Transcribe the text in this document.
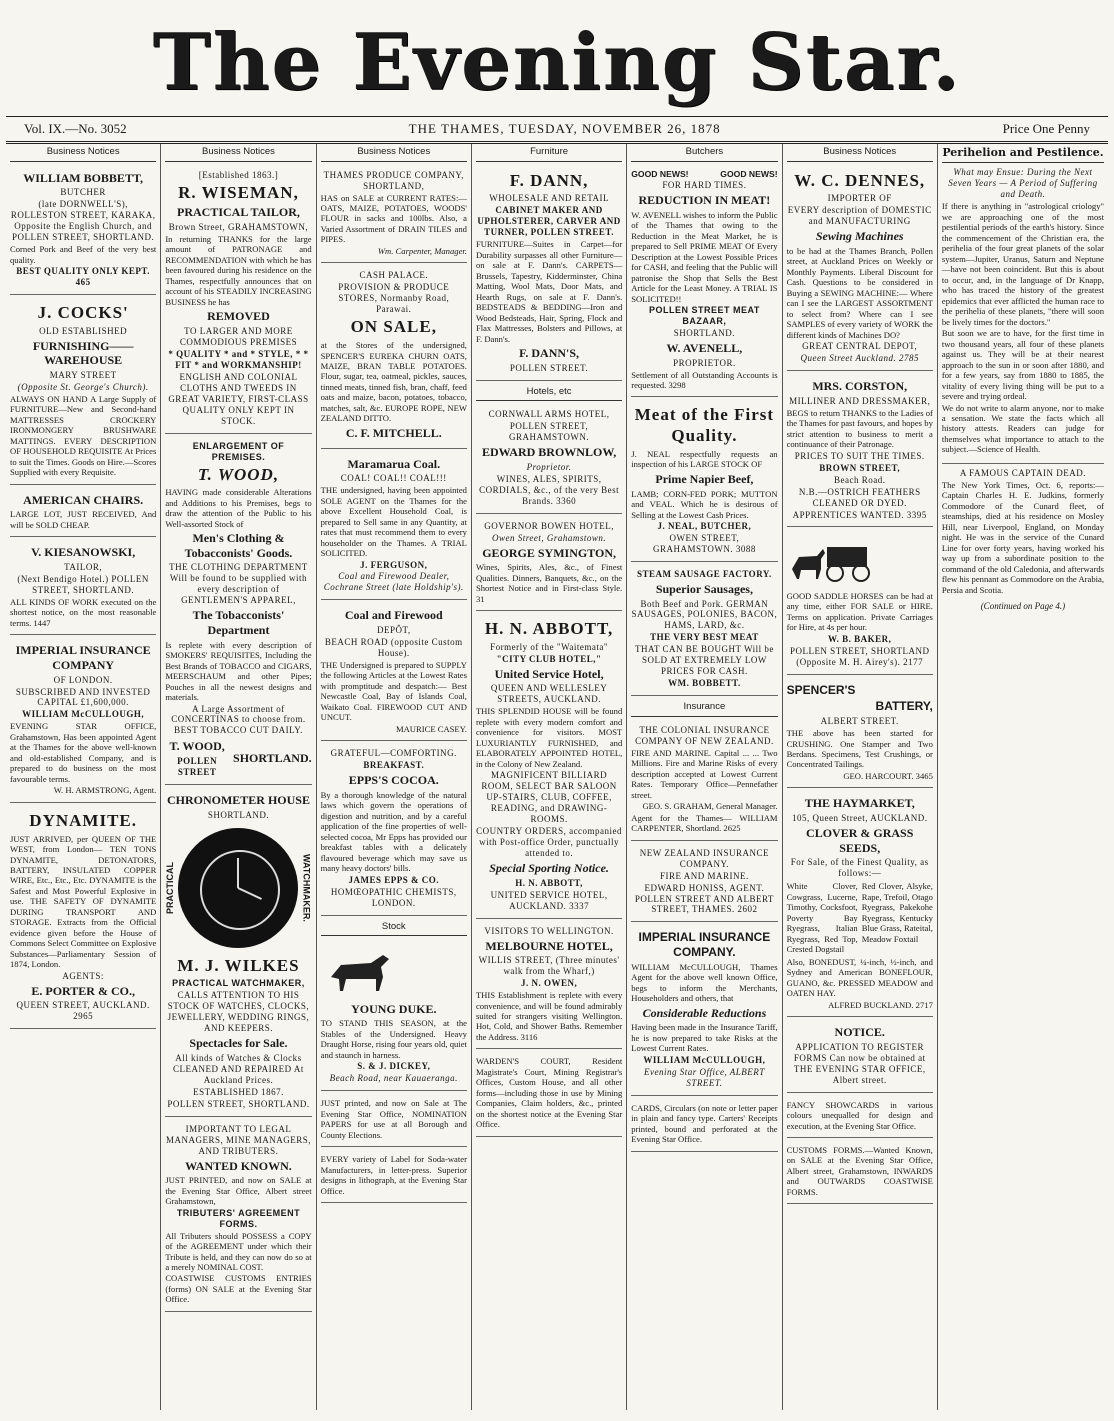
The Evening Star.
Vol. IX.—No. 3052	THE THAMES, TUESDAY, NOVEMBER 26, 1878	Price One Penny
Business Notices
WILLIAM BOBBETT,
BUTCHER

(late DORNWELL'S), ROLLESTON STREET, KARAKA, Opposite the English Church, and POLLEN STREET, SHORTLAND.

Corned Pork and Beef of the very best quality.

BEST QUALITY ONLY KEPT. 465

J. COCKS'
OLD ESTABLISHED
FURNISHING——WAREHOUSE
MARY STREET
(Opposite St. George's Church).

ALWAYS ON HAND A Large Supply of FURNITURE—New and Second-hand MATTRESSES CROCKERY IRONMONGERY BRUSHWARE MATTINGS. EVERY DESCRIPTION OF HOUSEHOLD REQUISITE At Prices to suit the Times. Goods on Hire.—Scores Supplied with every Requisite.

AMERICAN CHAIRS.

LARGE LOT, JUST RECEIVED, And will be SOLD CHEAP.

V. KIESANOWSKI,
TAILOR,

(Next Bendigo Hotel.) POLLEN STREET, SHORTLAND.

ALL KINDS OF WORK executed on the shortest notice, on the most reasonable terms. 1447

IMPERIAL INSURANCE COMPANY
OF LONDON.

SUBSCRIBED AND INVESTED CAPITAL £1,600,000.

WILLIAM McCULLOUGH,

EVENING STAR OFFICE, Grahamstown, Has been appointed Agent at the Thames for the above well-known and old-established Company, and is prepared to do business on the most favourable terms.

W. H. ARMSTRONG, Agent.

DYNAMITE.

JUST ARRIVED, per QUEEN OF THE WEST, from London— TEN TONS DYNAMITE, DETONATORS, BATTERY, INSULATED COPPER WIRE, Etc., Etc., Etc. DYNAMITE is the Safest and Most Powerful Explosive in use. THE SAFETY OF DYNAMITE DURING TRANSPORT AND STORAGE. Extracts from the Official evidence given before the House of Commons Select Committee on Explosive Substances—Parliamentary Session of 1874, London.

AGENTS:
E. PORTER & CO.,
QUEEN STREET, AUCKLAND. 2965
Business Notices
[Established 1863.]
R. WISEMAN,
PRACTICAL TAILOR,
Brown Street, GRAHAMSTOWN,

In returning THANKS for the large amount of PATRONAGE and RECOMMENDATION with which he has been favoured during his residence on the Thames, respectfully announces that on account of his STEADILY INCREASING BUSINESS he has

REMOVED

TO LARGER AND MORE COMMODIOUS PREMISES

* QUALITY * and * STYLE, * * FIT * and WORKMANSHIP!

ENGLISH AND COLONIAL CLOTHS AND TWEEDS IN GREAT VARIETY, FIRST-CLASS QUALITY ONLY KEPT IN STOCK.

ENLARGEMENT OF PREMISES.
T. WOOD,

HAVING made considerable Alterations and Additions to his Premises, begs to draw the attention of the Public to his Well-assorted Stock of

Men's Clothing & Tobacconists' Goods.

THE CLOTHING DEPARTMENT Will be found to be supplied with every description of GENTLEMEN'S APPAREL,

The Tobacconists' Department

Is replete with every description of SMOKERS' REQUISITES, Including the Best Brands of TOBACCO and CIGARS, MEERSCHAUM and other Pipes; Pouches in all the newest designs and materials.

A Large Assortment of CONCERTINAS to choose from. BEST TOBACCO CUT DAILY.

T. WOOD,
POLLEN STREET
SHORTLAND.
CHRONOMETER HOUSE
SHORTLAND.
PRACTICAL	WATCHMAKER.
M. J. WILKES
PRACTICAL WATCHMAKER,

CALLS ATTENTION TO HIS STOCK OF WATCHES, CLOCKS, JEWELLERY, WEDDING RINGS, AND KEEPERS.

Spectacles for Sale.

All kinds of Watches & Clocks CLEANED AND REPAIRED At Auckland Prices.

ESTABLISHED 1867.
POLLEN STREET, SHORTLAND.

IMPORTANT TO LEGAL MANAGERS, MINE MANAGERS, AND TRIBUTERS.

WANTED KNOWN.

JUST PRINTED, and now on SALE at the Evening Star Office, Albert street Grahamstown,

TRIBUTERS' AGREEMENT FORMS.

All Tributers should POSSESS a COPY of the AGREEMENT under which their Tribute is held, and they can now do so at a merely NOMINAL COST.

COASTWISE CUSTOMS ENTRIES (forms) ON SALE at the Evening Star Office.

Business Notices
THAMES PRODUCE COMPANY, SHORTLAND,

HAS on SALE at CURRENT RATES:— OATS, MAIZE, POTATOES, WOODS' FLOUR in sacks and 100lbs. Also, a Varied Assortment of DRAIN TILES and PIPES.

Wm. Carpenter, Manager.

CASH PALACE.

PROVISION & PRODUCE STORES, Normanby Road, Parawai.

ON SALE,

at the Stores of the undersigned, SPENCER'S EUREKA CHURN OATS, MAIZE, BRAN TABLE POTATOES. Flour, sugar, tea, oatmeal, pickles, sauces, tinned meats, tinned fish, bran, chaff, feed oats and maize, bacon, potatoes, tobacco, matches, salt, &c. EUROPE ROPE, NEW ZEALAND DITTO.

C. F. MITCHELL.
Maramarua Coal.
COAL! COAL!! COAL!!!

THE undersigned, having been appointed SOLE AGENT on the Thames for the above Excellent Household Coal, is prepared to Sell same in any Quantity, at rates that must recommend them to every householder on the Thames. A TRIAL SOLICITED.

J. FERGUSON,

Coal and Firewood Dealer, Cochrane Street (late Holdship's).

Coal and Firewood
DEPÔT,

BEACH ROAD (opposite Custom House).

THE Undersigned is prepared to SUPPLY the following Articles at the Lowest Rates with promptitude and despatch:— Best Newcastle Coal, Bay of Islands Coal, Waikato Coal. FIREWOOD CUT AND UNCUT.

MAURICE CASEY.

GRATEFUL—COMFORTING.
BREAKFAST.
EPPS'S COCOA.

By a thorough knowledge of the natural laws which govern the operations of digestion and nutrition, and by a careful application of the fine properties of well-selected cocoa, Mr Epps has provided our breakfast tables with a delicately flavoured beverage which may save us many heavy doctors' bills.

JAMES EPPS & CO.
HOMŒOPATHIC CHEMISTS, LONDON.
Stock
YOUNG DUKE.

TO STAND THIS SEASON, at the Stables of the Undersigned. Heavy Draught Horse, rising four years old, quiet and staunch in harness.

S. & J. DICKEY,
Beach Road, near Kauaeranga.

JUST printed, and now on Sale at The Evening Star Office, NOMINATION PAPERS for use at all Borough and County Elections.

EVERY variety of Label for Soda-water Manufacturers, in letter-press. Superior designs in lithograph, at the Evening Star Office.

Furniture
F. DANN,
WHOLESALE AND RETAIL

CABINET MAKER AND UPHOLSTERER, CARVER AND TURNER, POLLEN STREET.

FURNITURE—Suites in Carpet—for Durability surpasses all other Furniture—on sale at F. Dann's. CARPETS—Brussels, Tapestry, Kidderminster, China Matting, Wool Mats, Door Mats, and Hearth Rugs, on sale at F. Dann's. BEDSTEADS & BEDDING—Iron and Wood Bedsteads, Hair, Spring, Flock and Flax Mattresses, Bolsters and Pillows, at F. Dann's.

F. DANN'S,
POLLEN STREET.
Hotels, etc
CORNWALL ARMS HOTEL,
POLLEN STREET, GRAHAMSTOWN.
EDWARD BROWNLOW,
Proprietor.

WINES, ALES, SPIRITS, CORDIALS, &c., of the very Best Brands. 3360

GOVERNOR BOWEN HOTEL,
Owen Street, Grahamstown.
GEORGE SYMINGTON,

Wines, Spirits, Ales, &c., of Finest Qualities. Dinners, Banquets, &c., on the Shortest Notice and in First-class Style. 31

H. N. ABBOTT,
Formerly of the "Waitemata"
"CITY CLUB HOTEL,"
United Service Hotel,

QUEEN AND WELLESLEY STREETS, AUCKLAND.

THIS SPLENDID HOUSE will be found replete with every modern comfort and convenience for visitors. MOST LUXURIANTLY FURNISHED, and ELABORATELY APPOINTED HOTEL, in the Colony of New Zealand.

MAGNIFICENT BILLIARD ROOM, SELECT BAR SALOON UP-STAIRS, CLUB, COFFEE, READING, and DRAWING-ROOMS.

COUNTRY ORDERS, accompanied with Post-office Order, punctually attended to.

Special Sporting Notice.
H. N. ABBOTT,
UNITED SERVICE HOTEL, AUCKLAND. 3337
VISITORS TO WELLINGTON.
MELBOURNE HOTEL,

WILLIS STREET, (Three minutes' walk from the Wharf,)

J. N. OWEN,

THIS Establishment is replete with every convenience, and will be found admirably suited for strangers visiting Wellington. Hot, Cold, and Shower Baths. Remember the Address. 3116

WARDEN'S COURT, Resident Magistrate's Court, Mining Registrar's Offices, Custom House, and all other forms—including those in use by Mining Companies, Claim holders, &c., printed on the shortest notice at the Evening Star Office.

Butchers
GOOD NEWS!	GOOD NEWS!
FOR HARD TIMES.
REDUCTION IN MEAT!

W. AVENELL wishes to inform the Public of the Thames that owing to the Reduction in the Meat Market, he is prepared to Sell PRIME MEAT Of Every Description at the Lowest Possible Prices for CASH, and feeling that the Public will patronise the Shop that Sells the Best Article for the Least Money. A TRIAL IS SOLICITED!!

POLLEN STREET MEAT BAZAAR,
SHORTLAND.
W. AVENELL,
PROPRIETOR.

Settlement of all Outstanding Accounts is requested. 3298

Meat of the First Quality.

J. NEAL respectfully requests an inspection of his LARGE STOCK OF

Prime Napier Beef,

LAMB; CORN-FED PORK; MUTTON and VEAL. Which he is desirous of Selling at the Lowest Cash Prices.

J. NEAL, BUTCHER,
OWEN STREET, GRAHAMSTOWN. 3088
STEAM SAUSAGE FACTORY.
Superior Sausages,

Both Beef and Pork. GERMAN SAUSAGES, POLONIES, BACON, HAMS, LARD, &c.

THE VERY BEST MEAT

THAT CAN BE BOUGHT Will be SOLD AT EXTREMELY LOW PRICES FOR CASH.

WM. BOBBETT.
Insurance

THE COLONIAL INSURANCE COMPANY OF NEW ZEALAND.

FIRE AND MARINE. Capital ... ... Two Millions. Fire and Marine Risks of every description accepted at Lowest Current Rates. Temporary Office—Pennefather street.

GEO. S. GRAHAM, General Manager.

Agent for the Thames— WILLIAM CARPENTER, Shortland. 2625

NEW ZEALAND INSURANCE COMPANY.

FIRE AND MARINE.

EDWARD HONISS, AGENT. POLLEN STREET AND ALBERT STREET, THAMES. 2602

IMPERIAL INSURANCE COMPANY.

WILLIAM McCULLOUGH, Thames Agent for the above well known Office, begs to inform the Merchants, Householders and others, that

Considerable Reductions

Having been made in the Insurance Tariff, he is now prepared to take Risks at the Lowest Current Rates.

WILLIAM McCULLOUGH,
Evening Star Office, ALBERT STREET.

CARDS, Circulars (on note or letter paper in plain and fancy type. Carters' Receipts printed, bound and perforated at the Evening Star Office.

Business Notices
W. C. DENNES,
IMPORTER OF

EVERY description of DOMESTIC and MANUFACTURING

Sewing Machines

to be had at the Thames Branch, Pollen street, at Auckland Prices on Weekly or Monthly Payments. Liberal Discount for Cash. Questions to be considered in Buying a SEWING MACHINE:— Where can I see the LARGEST ASSORTMENT to select from? Where can I see SAMPLES of every variety of WORK the different kinds of Machines DO?

GREAT CENTRAL DEPOT,
Queen Street Auckland. 2785
MRS. CORSTON,
MILLINER AND DRESSMAKER,

BEGS to return THANKS to the Ladies of the Thames for past favours, and hopes by strict attention to business to merit a continuance of their Patronage.

PRICES TO SUIT THE TIMES.
BROWN STREET,
Beach Road.

N.B.—OSTRICH FEATHERS CLEANED OR DYED.

APPRENTICES WANTED. 3395

GOOD SADDLE HORSES can be had at any time, either FOR SALE or HIRE. Terms on application. Private Carriages for Hire, at 4s per hour.

W. B. BAKER,

POLLEN STREET, SHORTLAND (Opposite M. H. Airey's). 2177

SPENCER'S
BATTERY,
ALBERT STREET.

THE above has been started for CRUSHING. One Stamper and Two Berdans. Specimens, Test Crushings, or Concentrated Tailings.

GEO. HARCOURT. 3465

THE HAYMARKET,
105, Queen Street, AUCKLAND.
CLOVER & GRASS SEEDS,
For Sale, of the Finest Quality, as follows:—

White Clover, Cowgrass, Lucerne, Timothy, Cocksfoot, Poverty Bay Ryegrass, Italian Ryegrass, Red Top, Crested Dogstail

Red Clover, Alsyke, Rape, Trefoil, Otago Ryegrass, Pakekohe Ryegrass, Kentucky Blue Grass, Rateital, Meadow Foxtail

Also, BONEDUST, ¼-inch, ½-inch, and Sydney and American BONEFLOUR, GUANO, &c. PRESSED MEADOW and OATEN HAY.

ALFRED BUCKLAND. 2717

NOTICE.

APPLICATION TO REGISTER FORMS Can now be obtained at THE EVENING STAR OFFICE, Albert street.

FANCY SHOWCARDS in various colours unequalled for design and execution, at the Evening Star Office.

CUSTOMS FORMS.—Wanted Known, on SALE at the Evening Star Office, Albert street, Grahamstown, INWARDS and OUTWARDS COASTWISE FORMS.

Perihelion and Pestilence.

What may Ensue: During the Next Seven Years — A Period of Suffering and Death.

If there is anything in "astrological criology" we are approaching one of the most pestilential periods of the earth's history. Since the commencement of the Christian era, the perihelia of the four great planets of the solar system—Jupiter, Uranus, Saturn and Neptune—have not been coincident. But this is about to occur, and, in the language of Dr Knapp, who has traced the history of the greatest epidemics that ever afflicted the human race to the perihelia of these planets, "there will soon be lively times for the doctors."

But soon we are to have, for the first time in two thousand years, all four of these planets against us. They will be at their nearest approach to the sun in or soon after 1880, and for a few years, say from 1880 to 1885, the vitality of every living thing will be put to a severe and trying ordeal.

We do not write to alarm anyone, nor to make a sensation. We state the facts which all history attests. Readers can judge for themselves what importance to attach to the subject.—Science of Health.

A FAMOUS CAPTAIN DEAD.

The New York Times, Oct. 6, reports:—Captain Charles H. E. Judkins, formerly Commodore of the Cunard fleet, of steamships, died at his residence on Mosley Hill, near Liverpool, England, on Monday night. He was in the service of the Cunard Line for over forty years, having worked his way up from a subordinate position to the command of the old Caledonia, and afterwards flew his pennant as Commodore on the Arabia, Persia and Scotia.

(Continued on Page 4.)
